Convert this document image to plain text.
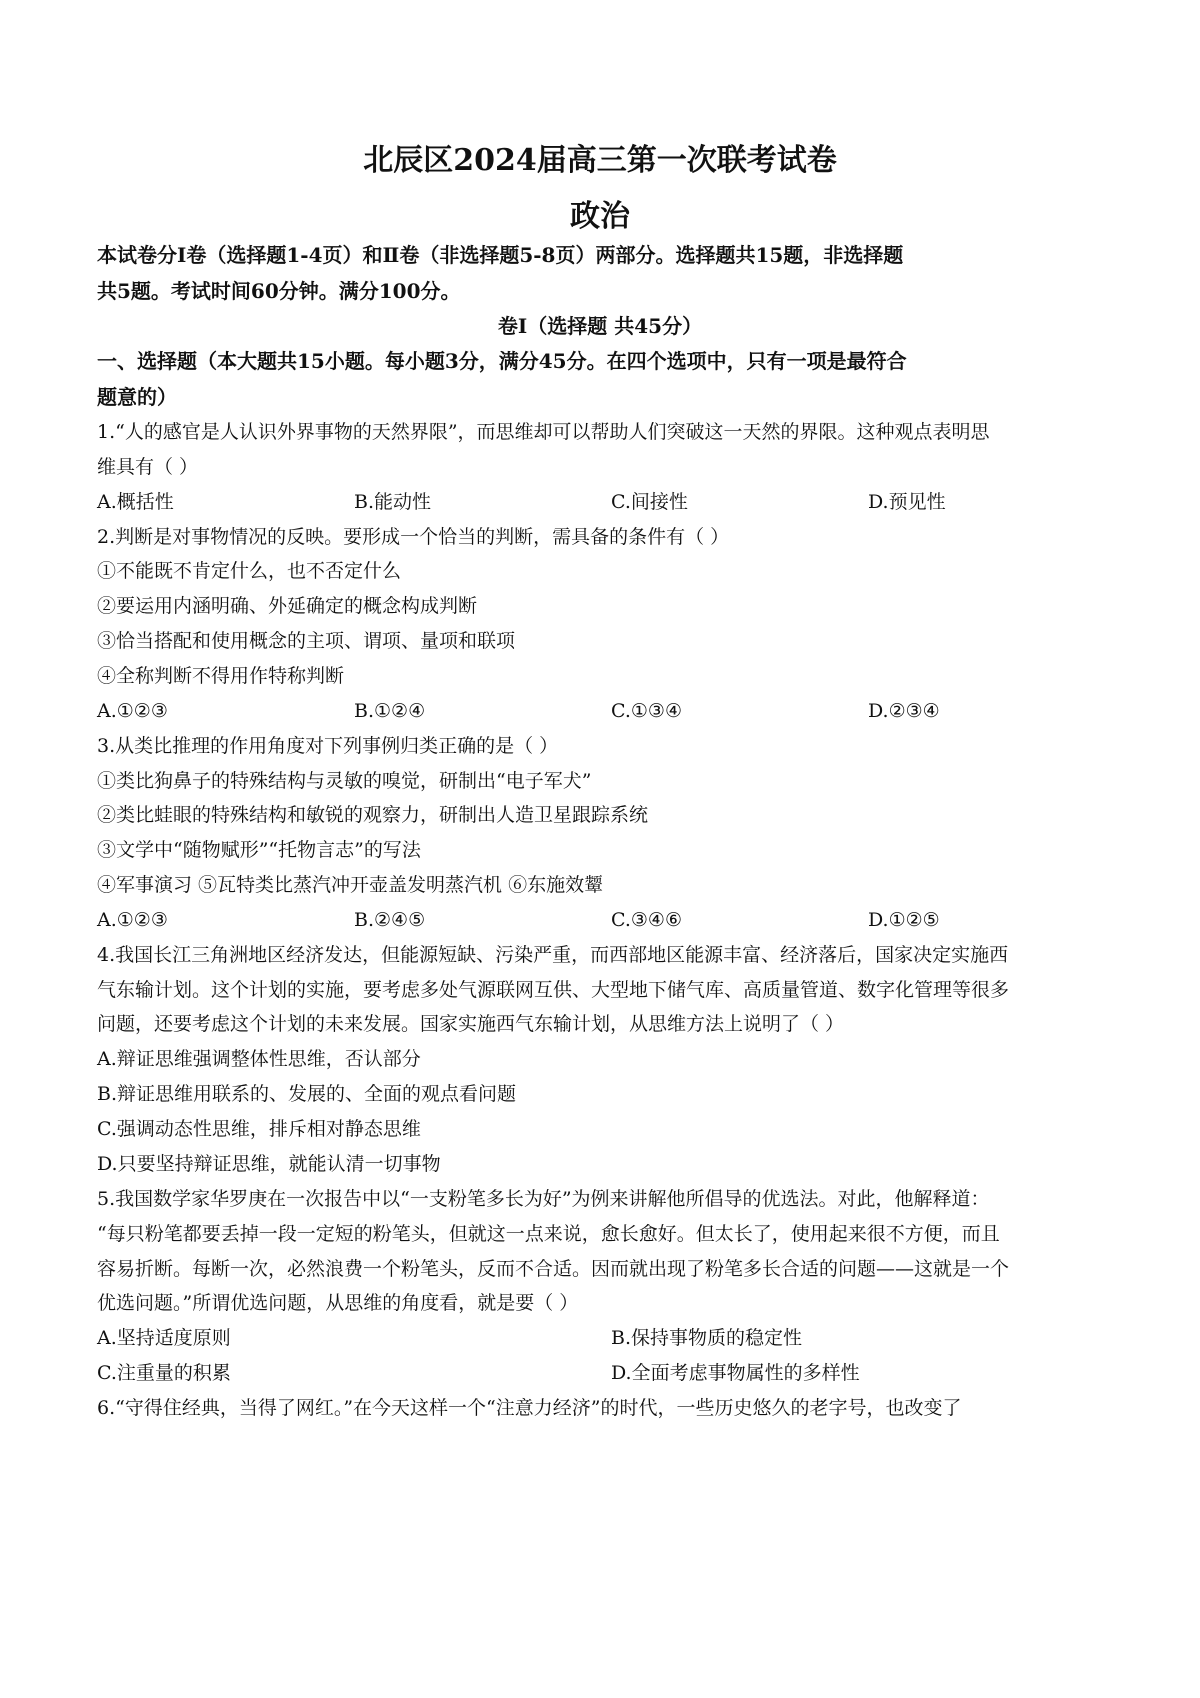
北辰区2024届高三第一次联考试卷
政治
本试卷分Ⅰ卷（选择题1-4页）和Ⅱ卷（非选择题5-8页）两部分。选择题共15题，非选择题
共5题。考试时间60分钟。满分100分。
卷Ⅰ（选择题 共45分）
一、选择题（本大题共15小题。每小题3分，满分45分。在四个选项中，只有一项是最符合
题意的）
1.“人的感官是人认识外界事物的天然界限”，而思维却可以帮助人们突破这一天然的界限。这种观点表明思
维具有（ ）
A.概括性	B.能动性	C.间接性	D.预见性
2.判断是对事物情况的反映。要形成一个恰当的判断，需具备的条件有（ ）
①不能既不肯定什么，也不否定什么
②要运用内涵明确、外延确定的概念构成判断
③恰当搭配和使用概念的主项、谓项、量项和联项
④全称判断不得用作特称判断
A.①②③	B.①②④	C.①③④	D.②③④
3.从类比推理的作用角度对下列事例归类正确的是（ ）
①类比狗鼻子的特殊结构与灵敏的嗅觉，研制出“电子军犬”
②类比蛙眼的特殊结构和敏锐的观察力，研制出人造卫星跟踪系统
③文学中“随物赋形”“托物言志”的写法
④军事演习 ⑤瓦特类比蒸汽冲开壶盖发明蒸汽机 ⑥东施效颦
A.①②③	B.②④⑤	C.③④⑥	D.①②⑤
4.我国长江三角洲地区经济发达，但能源短缺、污染严重，而西部地区能源丰富、经济落后，国家决定实施西
气东输计划。这个计划的实施，要考虑多处气源联网互供、大型地下储气库、高质量管道、数字化管理等很多
问题，还要考虑这个计划的未来发展。国家实施西气东输计划，从思维方法上说明了（ ）
A.辩证思维强调整体性思维，否认部分
B.辩证思维用联系的、发展的、全面的观点看问题
C.强调动态性思维，排斥相对静态思维
D.只要坚持辩证思维，就能认清一切事物
5.我国数学家华罗庚在一次报告中以“一支粉笔多长为好”为例来讲解他所倡导的优选法。对此，他解释道：
“每只粉笔都要丢掉一段一定短的粉笔头，但就这一点来说，愈长愈好。但太长了，使用起来很不方便，而且
容易折断。每断一次，必然浪费一个粉笔头，反而不合适。因而就出现了粉笔多长合适的问题——这就是一个
优选问题。”所谓优选问题，从思维的角度看，就是要（ ）
A.坚持适度原则	B.保持事物质的稳定性
C.注重量的积累	D.全面考虑事物属性的多样性
6.“守得住经典，当得了网红。”在今天这样一个“注意力经济”的时代，一些历史悠久的老字号，也改变了
